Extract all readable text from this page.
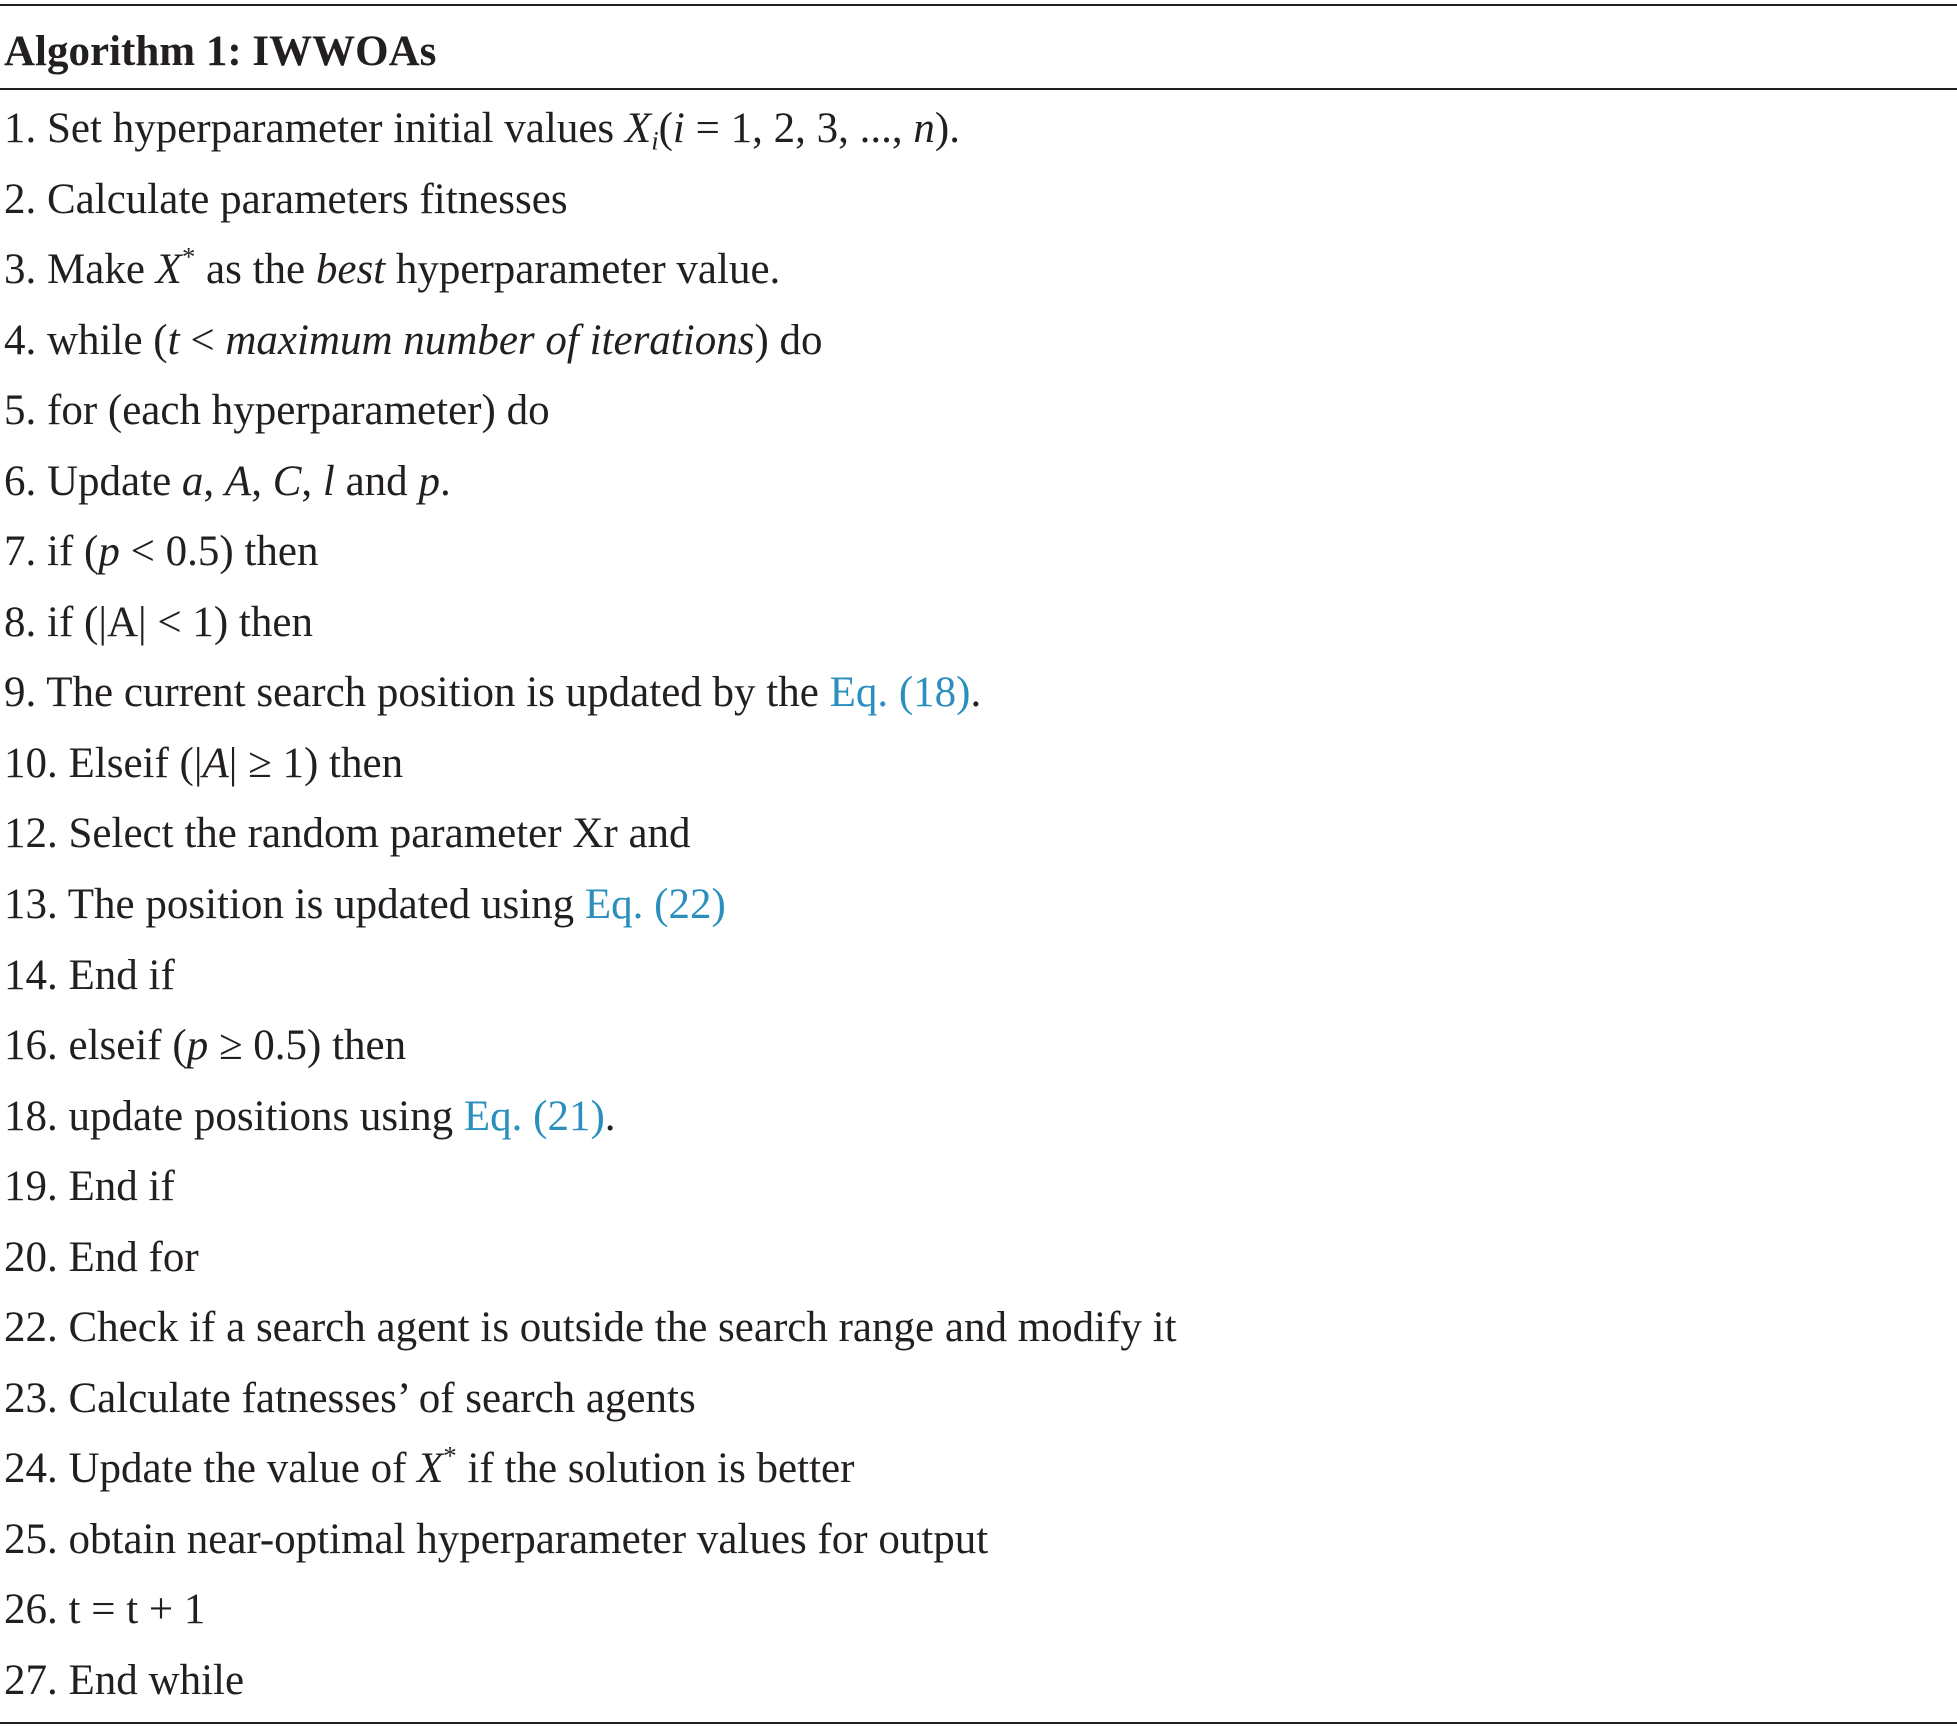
Algorithm 1: IWWOAs
1. Set hyperparameter initial values $X_i(i = 1$, 2, 3, ..., n).
2. Calculate parameters fitnesses
3. Make X* as the best hyperparameter value.
4. while (t < maximum number of iterations) do
5. for (each hyperparameter) do
6. Update a, A, C, l and p.
7. if (p < 0.5) then
8. if (|A| < 1) then
9. The current search position is updated by the Eq. (18).
10. Elseif (|A| ≥ 1) then
12. Select the random parameter Xr and
13. The position is updated using Eq. (22)
14. End if
16. elseif (p ≥ 0.5) then
18. update positions using Eq. (21).
19. End if
20. End for
22. Check if a search agent is outside the search range and modify it
23. Calculate fatnesses’ of search agents
24. Update the value of X* if the solution is better
25. obtain near-optimal hyperparameter values for output
26. t = t + 1
27. End while
